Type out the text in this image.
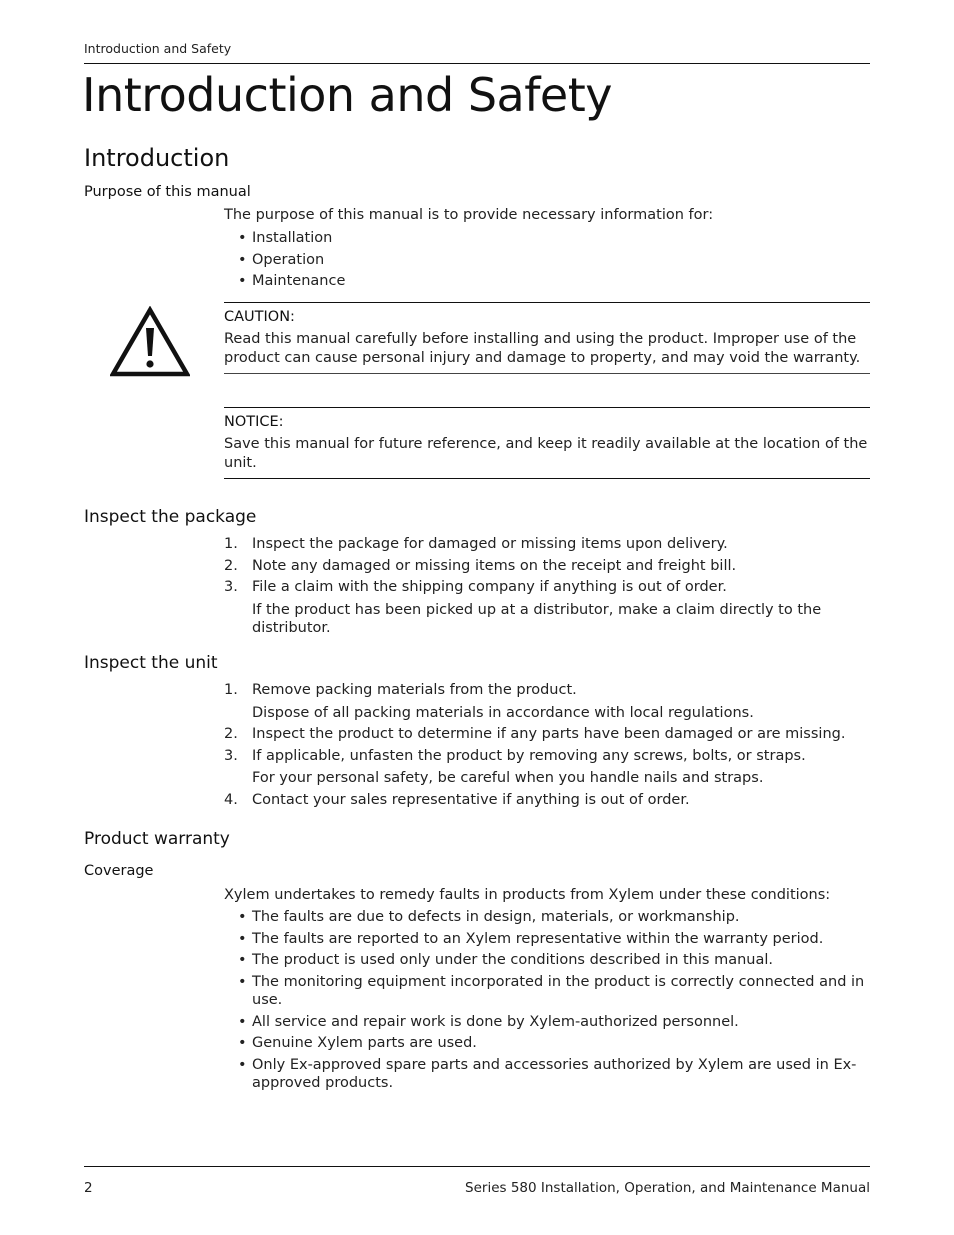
Introduction and Safety
Introduction and Safety
Introduction
Purpose of this manual
The purpose of this manual is to provide necessary information for:
• Installation
• Operation
• Maintenance
CAUTION:
Read this manual carefully before installing and using the product. Improper use of the product can cause personal injury and damage to property, and may void the warranty.
NOTICE:
Save this manual for future reference, and keep it readily available at the location of the unit.
Inspect the package
1. Inspect the package for damaged or missing items upon delivery.
2. Note any damaged or missing items on the receipt and freight bill.
3. File a claim with the shipping company if anything is out of order.
If the product has been picked up at a distributor, make a claim directly to the distributor.
Inspect the unit
1. Remove packing materials from the product.
Dispose of all packing materials in accordance with local regulations.
2. Inspect the product to determine if any parts have been damaged or are missing.
3. If applicable, unfasten the product by removing any screws, bolts, or straps.
For your personal safety, be careful when you handle nails and straps.
4. Contact your sales representative if anything is out of order.
Product warranty
Coverage
Xylem undertakes to remedy faults in products from Xylem under these conditions:
• The faults are due to defects in design, materials, or workmanship.
• The faults are reported to an Xylem representative within the warranty period.
• The product is used only under the conditions described in this manual.
• The monitoring equipment incorporated in the product is correctly connected and in use.
• All service and repair work is done by Xylem-authorized personnel.
• Genuine Xylem parts are used.
• Only Ex-approved spare parts and accessories authorized by Xylem are used in Ex-approved products.
2	Series 580 Installation, Operation, and Maintenance Manual
